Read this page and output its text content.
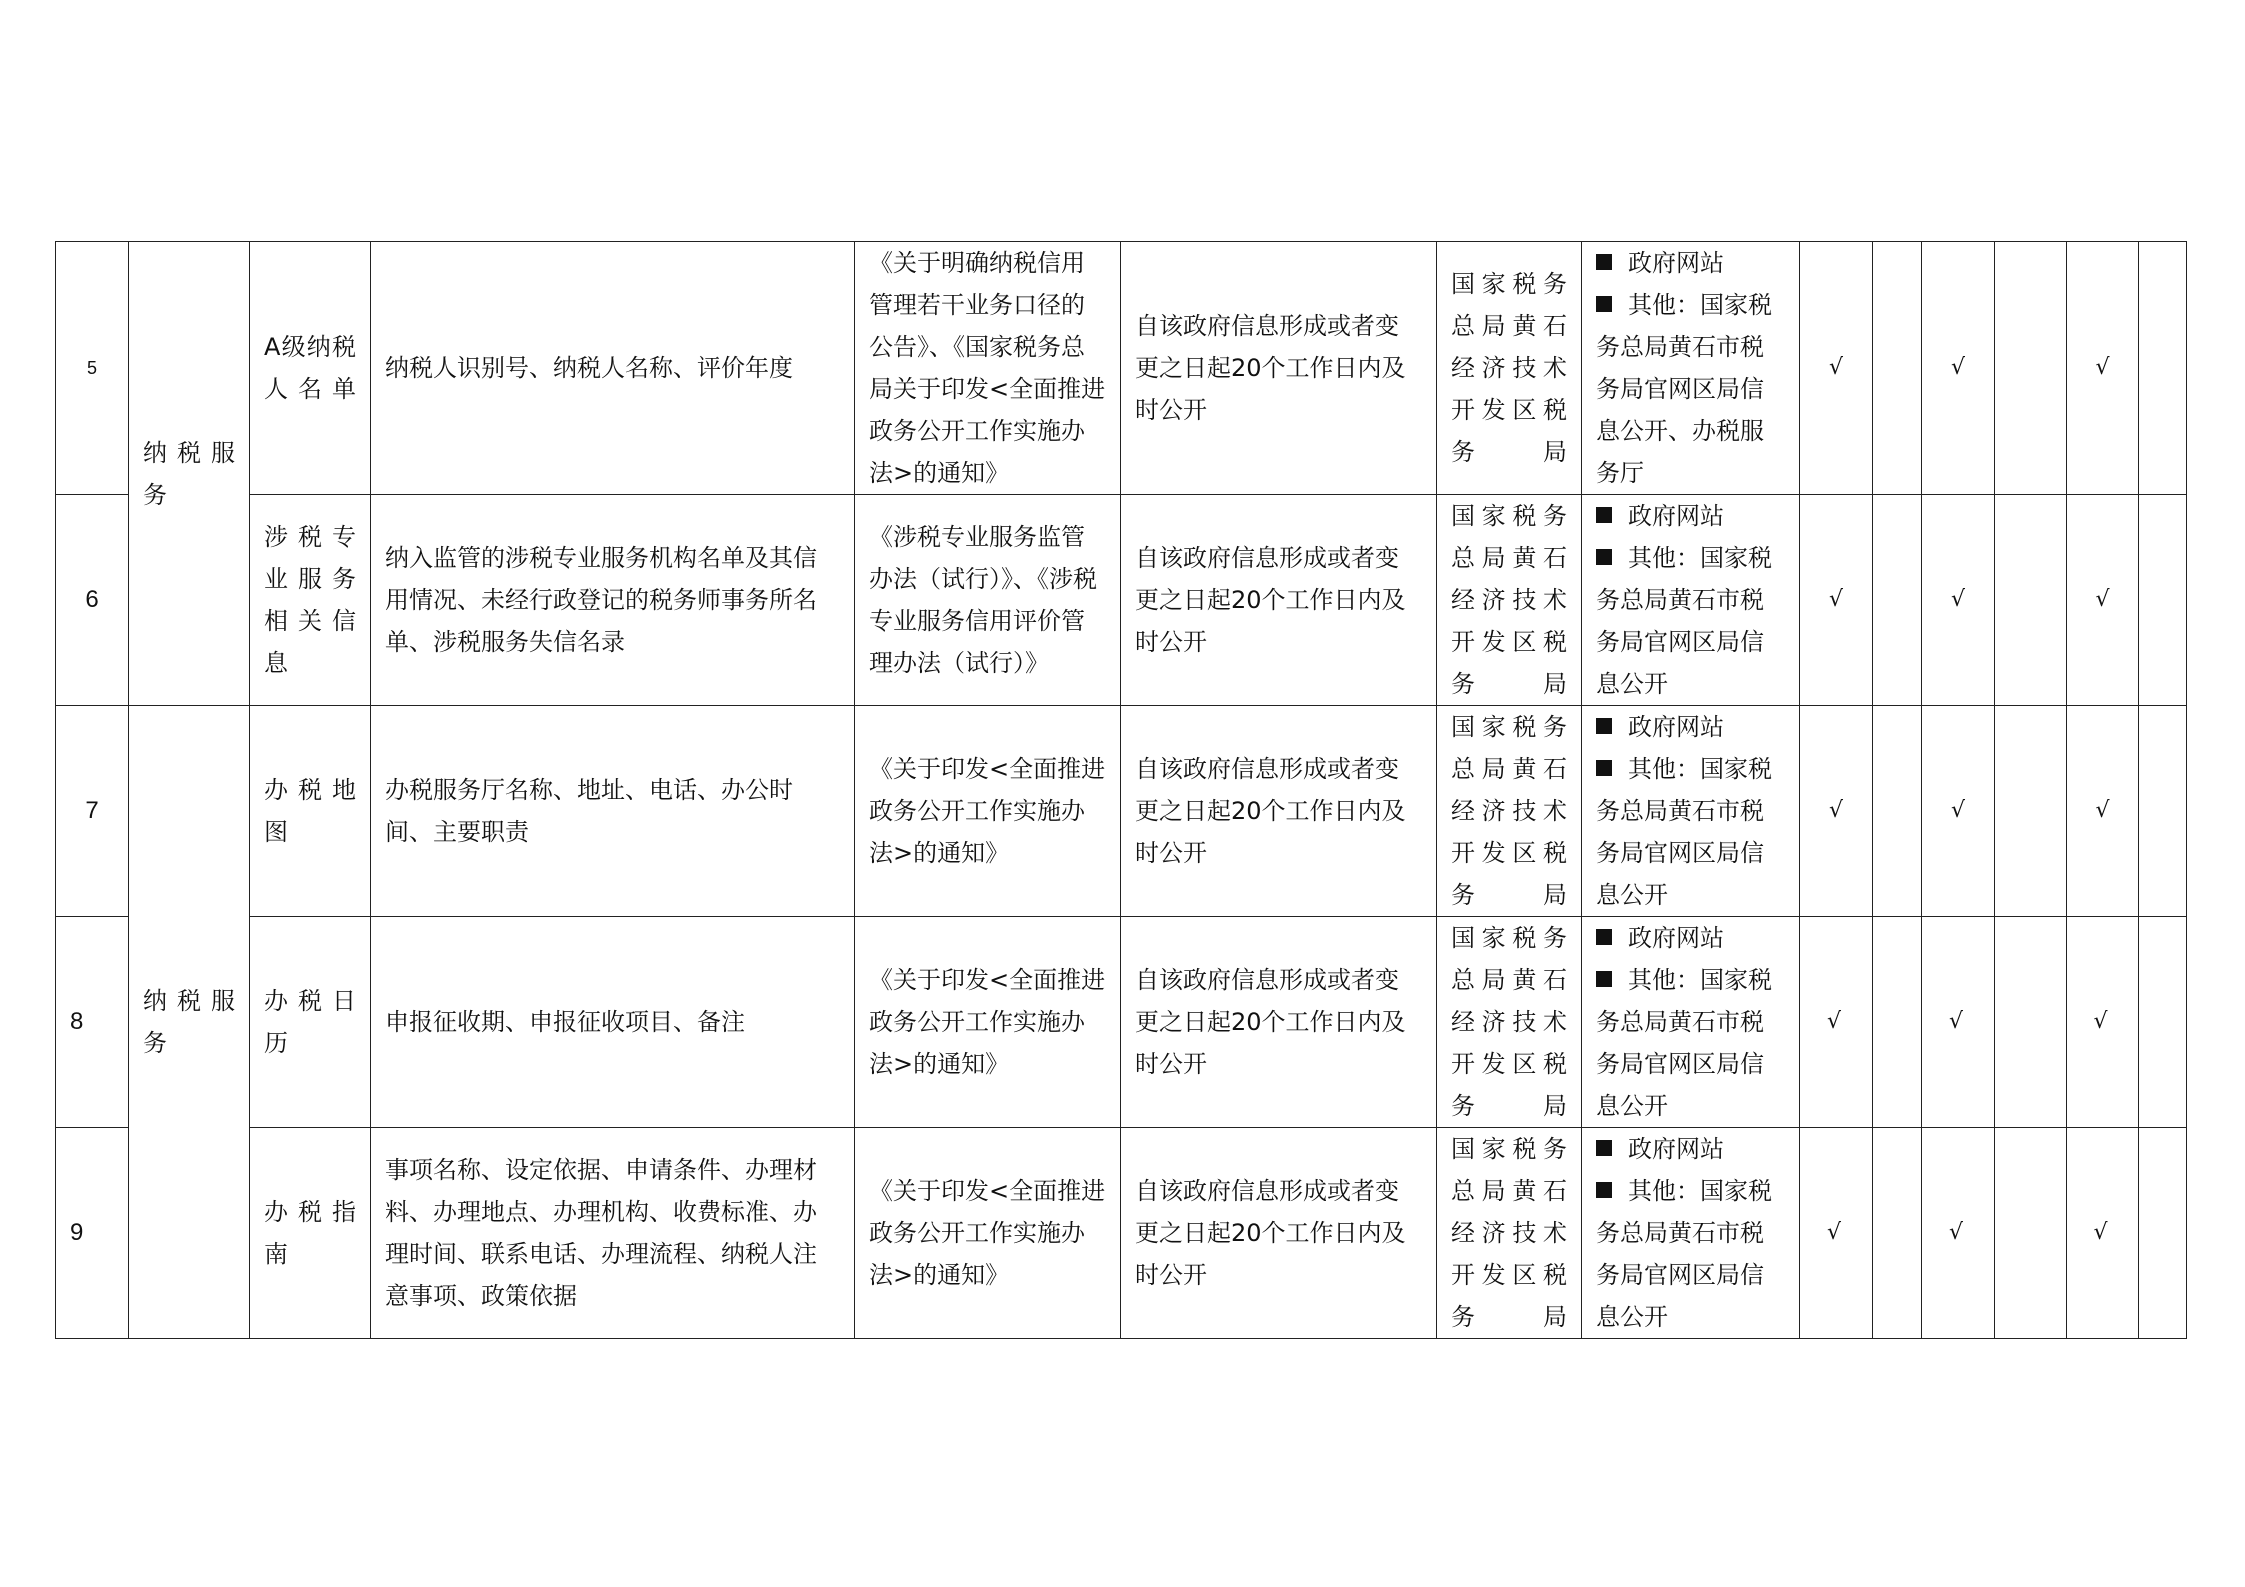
5	纳 税 服 务	A级纳税人名单	纳税人识别号、纳税人名称、评价年度	《关于明确纳税信用管理若干业务口径的公告》、《国家税务总局关于印发<全面推进政务公开工作实施办法>的通知》	自该政府信息形成或者变更之日起20个工作日内及时公开	国家税务总局黄石经济技术开发区税务局	政府网站
其他：国家税务总局黄石市税务局官网区局信息公开、办税服务厅	√		√		√	
6		涉税专业服务相关信息	纳入监管的涉税专业服务机构名单及其信用情况、未经行政登记的税务师事务所名单、涉税服务失信名录	《涉税专业服务监管办法（试行）》、《涉税专业服务信用评价管理办法（试行）》	自该政府信息形成或者变更之日起20个工作日内及时公开	国家税务总局黄石经济技术开发区税务局	政府网站
其他：国家税务总局黄石市税务局官网区局信息公开	√		√		√	
7	纳 税 服 务	办税地图	办税服务厅名称、地址、电话、办公时间、主要职责	《关于印发<全面推进政务公开工作实施办法>的通知》	自该政府信息形成或者变更之日起20个工作日内及时公开	国家税务总局黄石经济技术开发区税务局	政府网站
其他：国家税务总局黄石市税务局官网区局信息公开	√		√		√	
8		办税日历	申报征收期、申报征收项目、备注	《关于印发<全面推进政务公开工作实施办法>的通知》	自该政府信息形成或者变更之日起20个工作日内及时公开	国家税务总局黄石经济技术开发区税务局	政府网站
其他：国家税务总局黄石市税务局官网区局信息公开	√		√		√	
9		办税指南	事项名称、设定依据、申请条件、办理材料、办理地点、办理机构、收费标准、办理时间、联系电话、办理流程、纳税人注意事项、政策依据	《关于印发<全面推进政务公开工作实施办法>的通知》	自该政府信息形成或者变更之日起20个工作日内及时公开	国家税务总局黄石经济技术开发区税务局	政府网站
其他：国家税务总局黄石市税务局官网区局信息公开	√		√		√	
